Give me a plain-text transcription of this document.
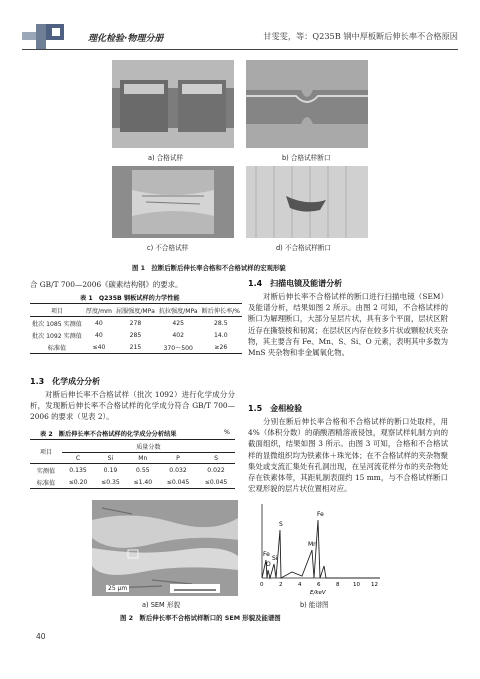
理化检验·物理分册	甘雯雯，等：Q235B 钢中厚板断后伸长率不合格原因
a) 合格试样	b) 合格试样断口
c) 不合格试样	d) 不合格试样断口
图 1　拉断后断后伸长率合格和不合格试样的宏观形貌
合 GB/T 700—2006《碳素结构钢》的要求。
表 1　Q235B 钢板试样的力学性能
项目	厚度/mm	屈服强度/MPa	抗拉强度/MPa	断后伸长率/%
批次 1085 实测值	40	278	425	28.5
批次 1092 实测值	40	285	402	14.0
标准值	≤40	215	370～500	≥26
1.3　化学成分分析
对断后伸长率不合格试样（批次 1092）进行化学成分分析，发现断后伸长率不合格试样的化学成分符合 GB/T 700—2006 的要求（见表 2）。
表 2　断后伸长率不合格试样的化学成分分析结果	%
项目	质量分数				
	C	Si	Mn	P	S
实测值	0.135	0.19	0.55	0.032	0.022
标准值	≤0.20	≤0.35	≤1.40	≤0.045	≤0.045
1.4　扫描电镜及能谱分析
对断后伸长率不合格试样的断口进行扫描电镜（SEM）及能谱分析，结果如图 2 所示。由图 2 可知，不合格试样的断口为解理断口，大部分呈层片状，具有多个平面，层状区附近存在撕裂棱和韧窝；在层状区内存在较多片状或颗粒状夹杂物，其主要含有 Fe、Mn、S、Si、O 元素，表明其中多数为 MnS 夹杂物和非金属氧化物。
1.5　金相检验
分别在断后伸长率合格和不合格试样的断口处取样，用 4%（体积分数）的硝酸酒精溶液侵蚀，观察试样轧制方向的截面组织，结果如图 3 所示。由图 3 可知，合格和不合格试样的显微组织均为铁素体＋珠光体；在不合格试样的夹杂物聚集处或支流汇集处有孔洞出现，在呈河流花样分布的夹杂物处存在铁素体带，其距轧制表面约 15 mm，与不合格试样断口宏观形貌的层片状位置相对应。
25 μm
a) SEM 形貌
Fe
O
Si
S
Mn
Fe
0	2	4	6	8 10 12
E/keV
b) 能谱图
图 2　断后伸长率不合格试样断口的 SEM 形貌及能谱图
40
